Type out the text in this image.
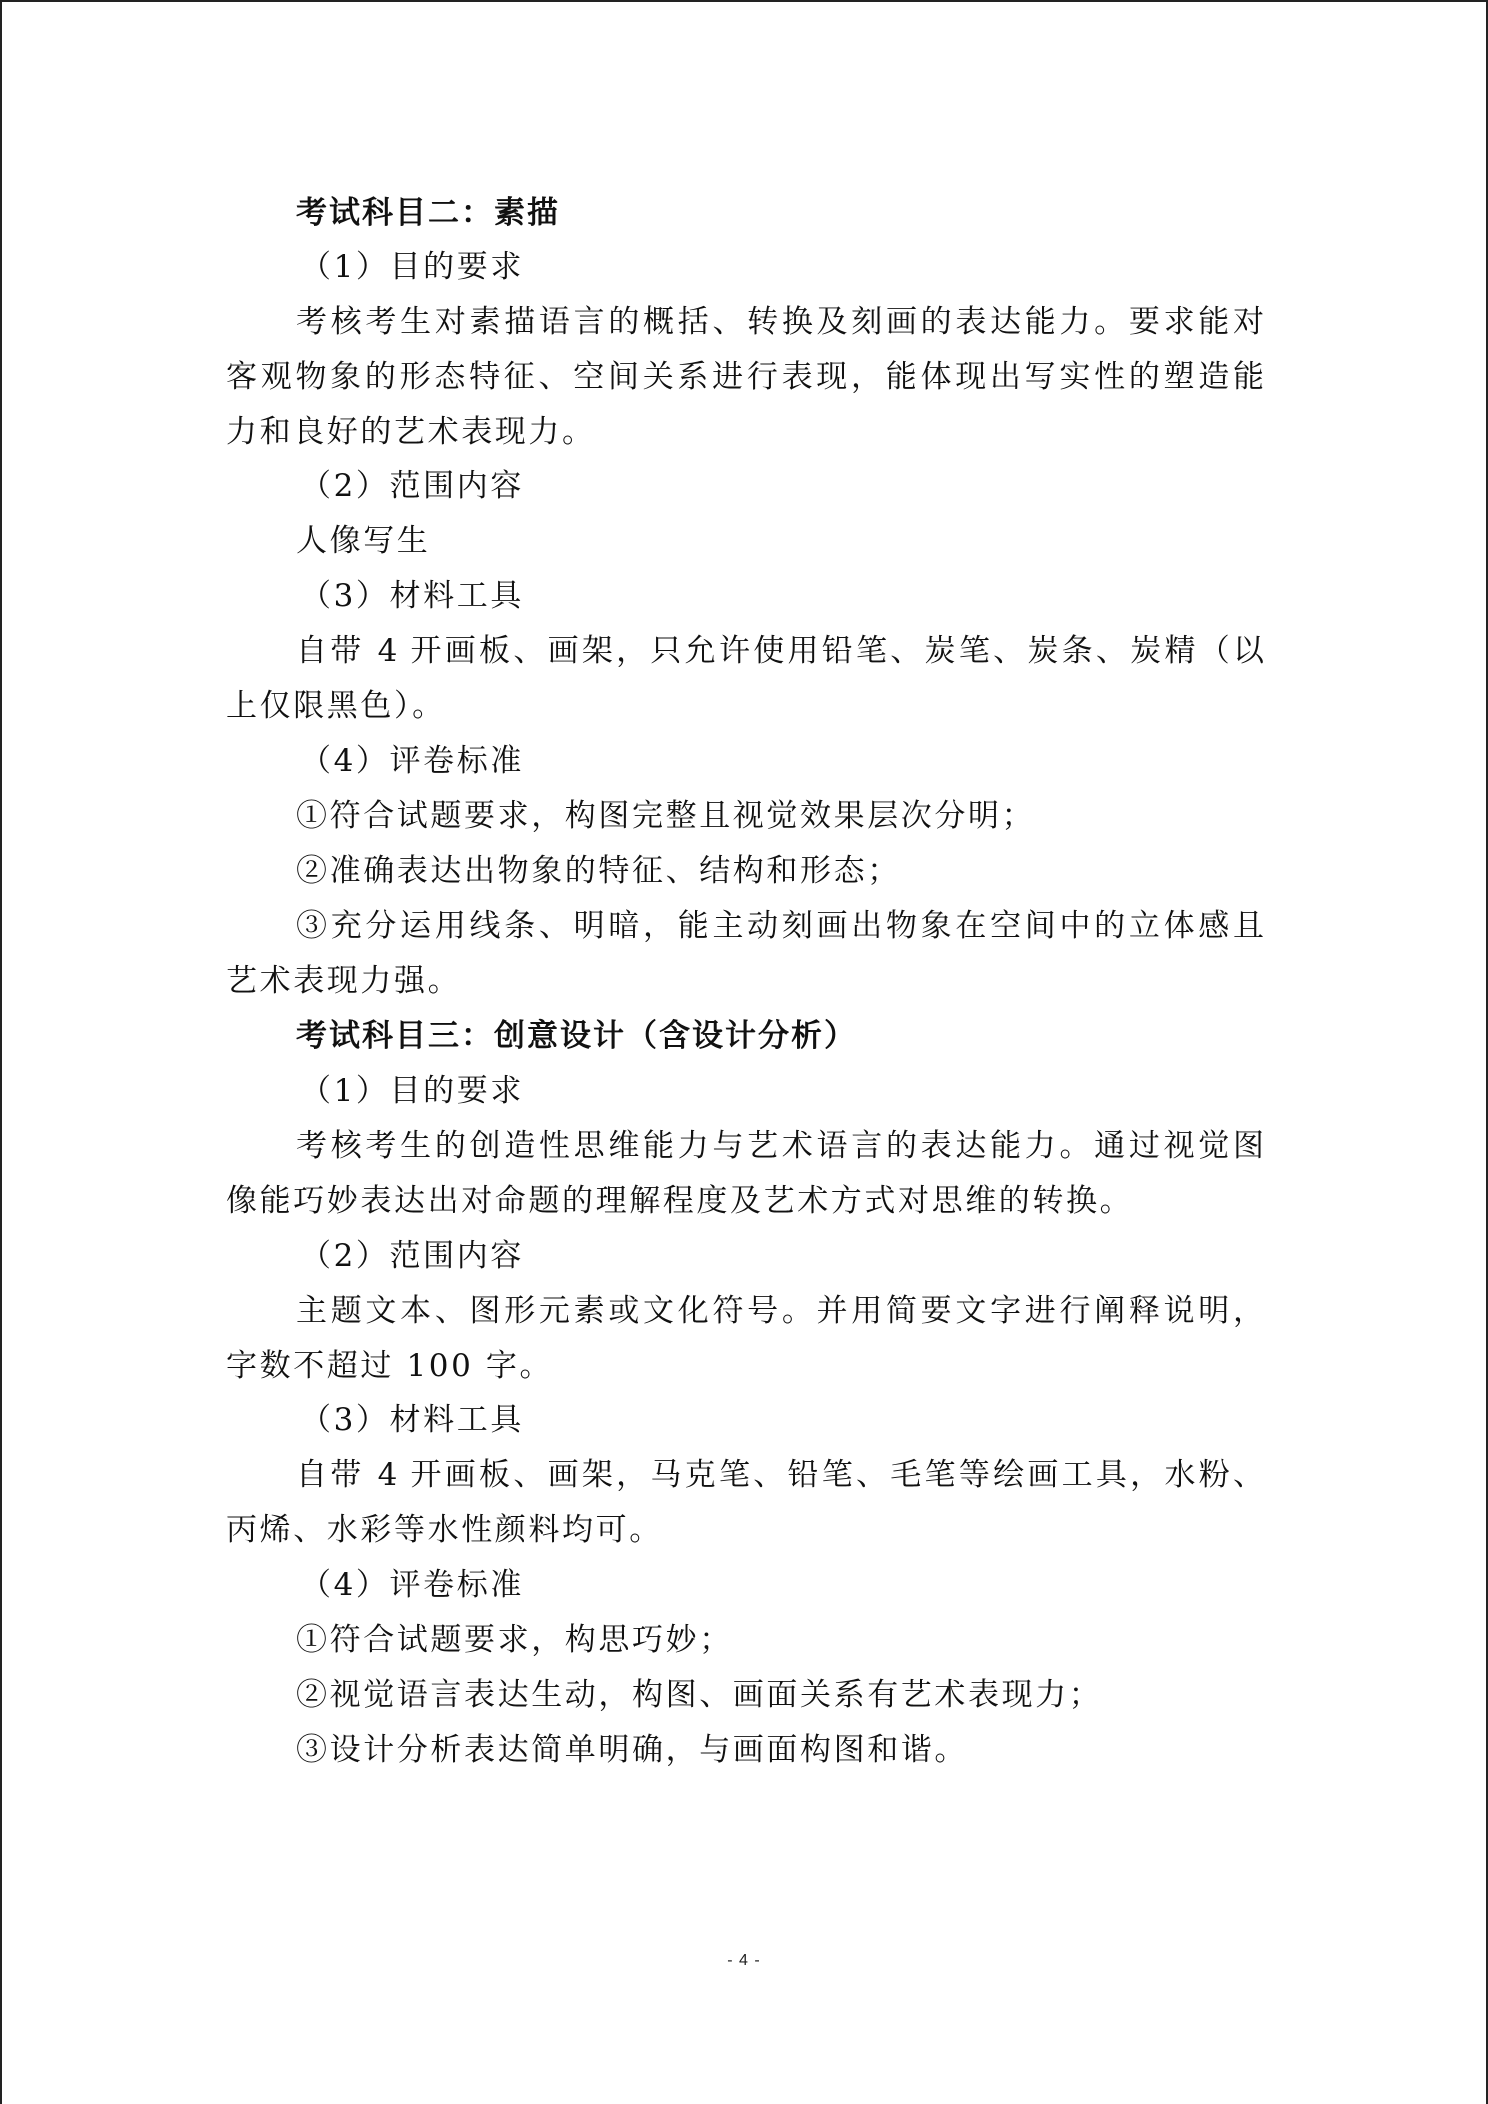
考试科目二：素描
（1）目的要求
考核考生对素描语言的概括、转换及刻画的表达能力。要求能对
客观物象的形态特征、空间关系进行表现，能体现出写实性的塑造能
力和良好的艺术表现力。
（2）范围内容
人像写生
（3）材料工具
自带 4 开画板、画架，只允许使用铅笔、炭笔、炭条、炭精（以
上仅限黑色）。
（4）评卷标准
①符合试题要求，构图完整且视觉效果层次分明；
②准确表达出物象的特征、结构和形态；
③充分运用线条、明暗，能主动刻画出物象在空间中的立体感且
艺术表现力强。
考试科目三：创意设计（含设计分析）
（1）目的要求
考核考生的创造性思维能力与艺术语言的表达能力。通过视觉图
像能巧妙表达出对命题的理解程度及艺术方式对思维的转换。
（2）范围内容
主题文本、图形元素或文化符号。并用简要文字进行阐释说明，
字数不超过 100 字。
（3）材料工具
自带 4 开画板、画架，马克笔、铅笔、毛笔等绘画工具，水粉、
丙烯、水彩等水性颜料均可。
（4）评卷标准
①符合试题要求，构思巧妙；
②视觉语言表达生动，构图、画面关系有艺术表现力；
③设计分析表达简单明确，与画面构图和谐。
- 4 -
